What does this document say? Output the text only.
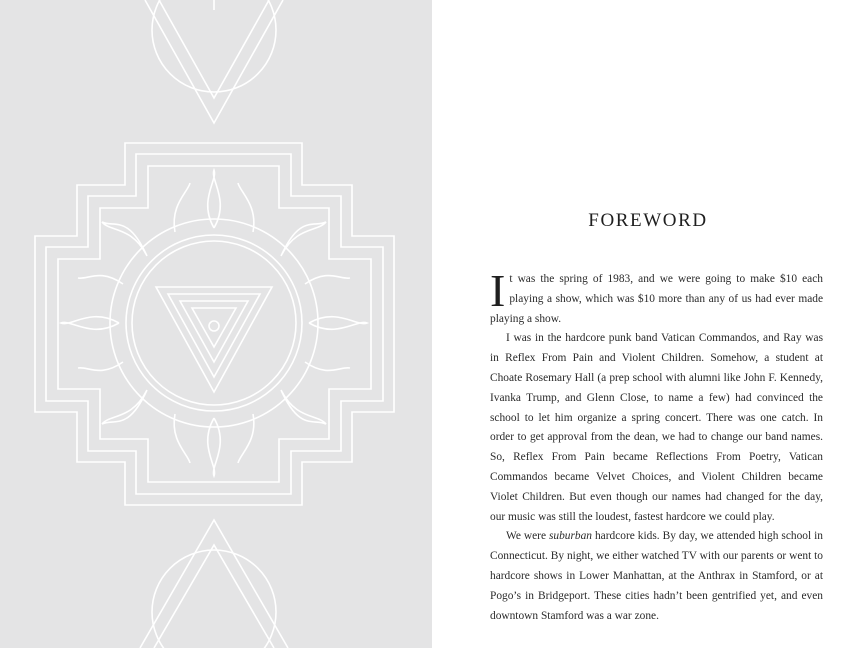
FOREWORD

It was the spring of 1983, and we were going to make $10 each playing a show, which was $10 more than any of us had ever made playing a show.

I was in the hardcore punk band Vatican Commandos, and Ray was in Reflex From Pain and Violent Children. Somehow, a student at Choate Rosemary Hall (a prep school with alumni like John F. Kennedy, Ivanka Trump, and Glenn Close, to name a few) had convinced the school to let him organize a spring concert. There was one catch. In order to get approval from the dean, we had to change our band names. So, Reflex From Pain became Reflections From Poetry, Vatican Commandos became Velvet Choices, and Violent Children became Violet Children. But even though our names had changed for the day, our music was still the loudest, fastest hardcore we could play.

We were suburban hardcore kids. By day, we attended high school in Connecticut. By night, we either watched TV with our parents or went to hardcore shows in Lower Manhattan, at the Anthrax in Stamford, or at Pogo’s in Bridgeport. These cities hadn’t been gentrified yet, and even downtown Stamford was a war zone.
